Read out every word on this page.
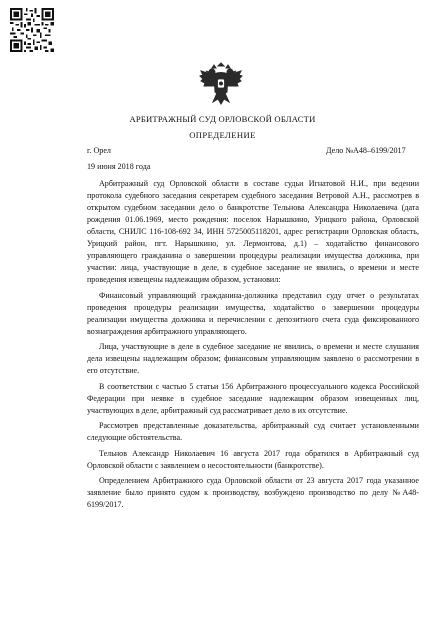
АРБИТРАЖНЫЙ СУД ОРЛОВСКОЙ ОБЛАСТИ
ОПРЕДЕЛЕНИЕ
г. Орел	Дело №А48–6199/2017
19 июня 2018 года

Арбитражный суд Орловской области в составе судьи Игнатовой Н.И., при ведении протокола судебного заседания секретарем судебного заседания Ветровой А.Н., рассмотрев в открытом судебном заседании дело о банкротстве Тельнова Александра Николаевича (дата рождения 01.06.1969, место рождения: поселок Нарышкино, Урицкого района, Орловской области, СНИЛС 116-108-692 34, ИНН 5725005118201, адрес регистрации Орловская область, Урицкий район, пгт. Нарышкино, ул. Лермонтова, д.1) – ходатайство финансового управляющего гражданина о завершении процедуры реализации имущества должника, при участии: лица, участвующие в деле, в судебное заседание не явились, о времени и месте проведения извещены надлежащим образом, установил:

Финансовый управляющий гражданина-должника представил суду отчет о результатах проведения процедуры реализации имущества, ходатайство о завершении процедуры реализации имущества должника и перечислении с депозитного счета суда фиксированного вознаграждения арбитражного управляющего.

Лица, участвующие в деле в судебное заседание не явились, о времени и месте слушания дела извещены надлежащим образом; финансовым управляющим заявлено о рассмотрении в его отсутствие.

В соответствии с частью 5 статьи 156 Арбитражного процессуального кодекса Российской Федерации при неявке в судебное заседание надлежащим образом извещенных лиц, участвующих в деле, арбитражный суд рассматривает дело в их отсутствие.

Рассмотрев представленные доказательства, арбитражный суд считает установленными следующие обстоятельства.

Тельнов Александр Николаевич 16 августа 2017 года обратился в Арбитражный суд Орловской области с заявлением о несостоятельности (банкротстве).

Определением Арбитражного суда Орловской области от 23 августа 2017 года указанное заявление было принято судом к производству, возбуждено производство по делу №А48-6199/2017.
